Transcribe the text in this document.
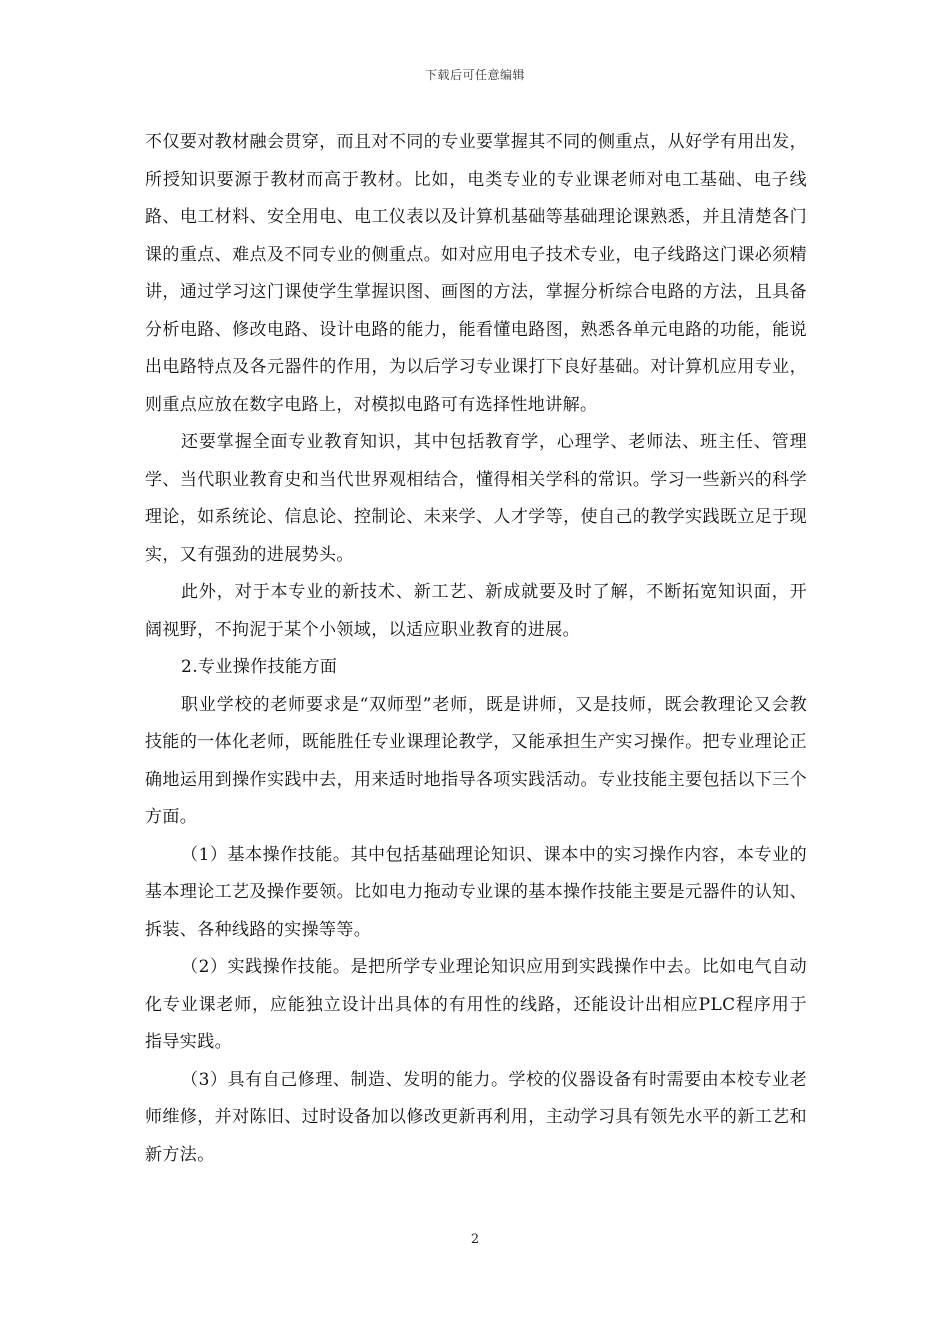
下载后可任意编辑

不仅要对教材融会贯穿，而且对不同的专业要掌握其不同的侧重点，从好学有用出发，所授知识要源于教材而高于教材。比如，电类专业的专业课老师对电工基础、电子线路、电工材料、安全用电、电工仪表以及计算机基础等基础理论课熟悉，并且清楚各门课的重点、难点及不同专业的侧重点。如对应用电子技术专业，电子线路这门课必须精讲，通过学习这门课使学生掌握识图、画图的方法，掌握分析综合电路的方法，且具备分析电路、修改电路、设计电路的能力，能看懂电路图，熟悉各单元电路的功能，能说出电路特点及各元器件的作用，为以后学习专业课打下良好基础。对计算机应用专业，则重点应放在数字电路上，对模拟电路可有选择性地讲解。

还要掌握全面专业教育知识，其中包括教育学，心理学、老师法、班主任、管理学、当代职业教育史和当代世界观相结合，懂得相关学科的常识。学习一些新兴的科学理论，如系统论、信息论、控制论、未来学、人才学等，使自己的教学实践既立足于现实，又有强劲的进展势头。

此外，对于本专业的新技术、新工艺、新成就要及时了解，不断拓宽知识面，开阔视野，不拘泥于某个小领域，以适应职业教育的进展。

2.专业操作技能方面

职业学校的老师要求是“双师型”老师，既是讲师，又是技师，既会教理论又会教技能的一体化老师，既能胜任专业课理论教学，又能承担生产实习操作。把专业理论正确地运用到操作实践中去，用来适时地指导各项实践活动。专业技能主要包括以下三个方面。

（1）基本操作技能。其中包括基础理论知识、课本中的实习操作内容，本专业的基本理论工艺及操作要领。比如电力拖动专业课的基本操作技能主要是元器件的认知、拆装、各种线路的实操等等。

（2）实践操作技能。是把所学专业理论知识应用到实践操作中去。比如电气自动化专业课老师，应能独立设计出具体的有用性的线路，还能设计出相应PLC程序用于指导实践。

（3）具有自己修理、制造、发明的能力。学校的仪器设备有时需要由本校专业老师维修，并对陈旧、过时设备加以修改更新再利用，主动学习具有领先水平的新工艺和新方法。

2
